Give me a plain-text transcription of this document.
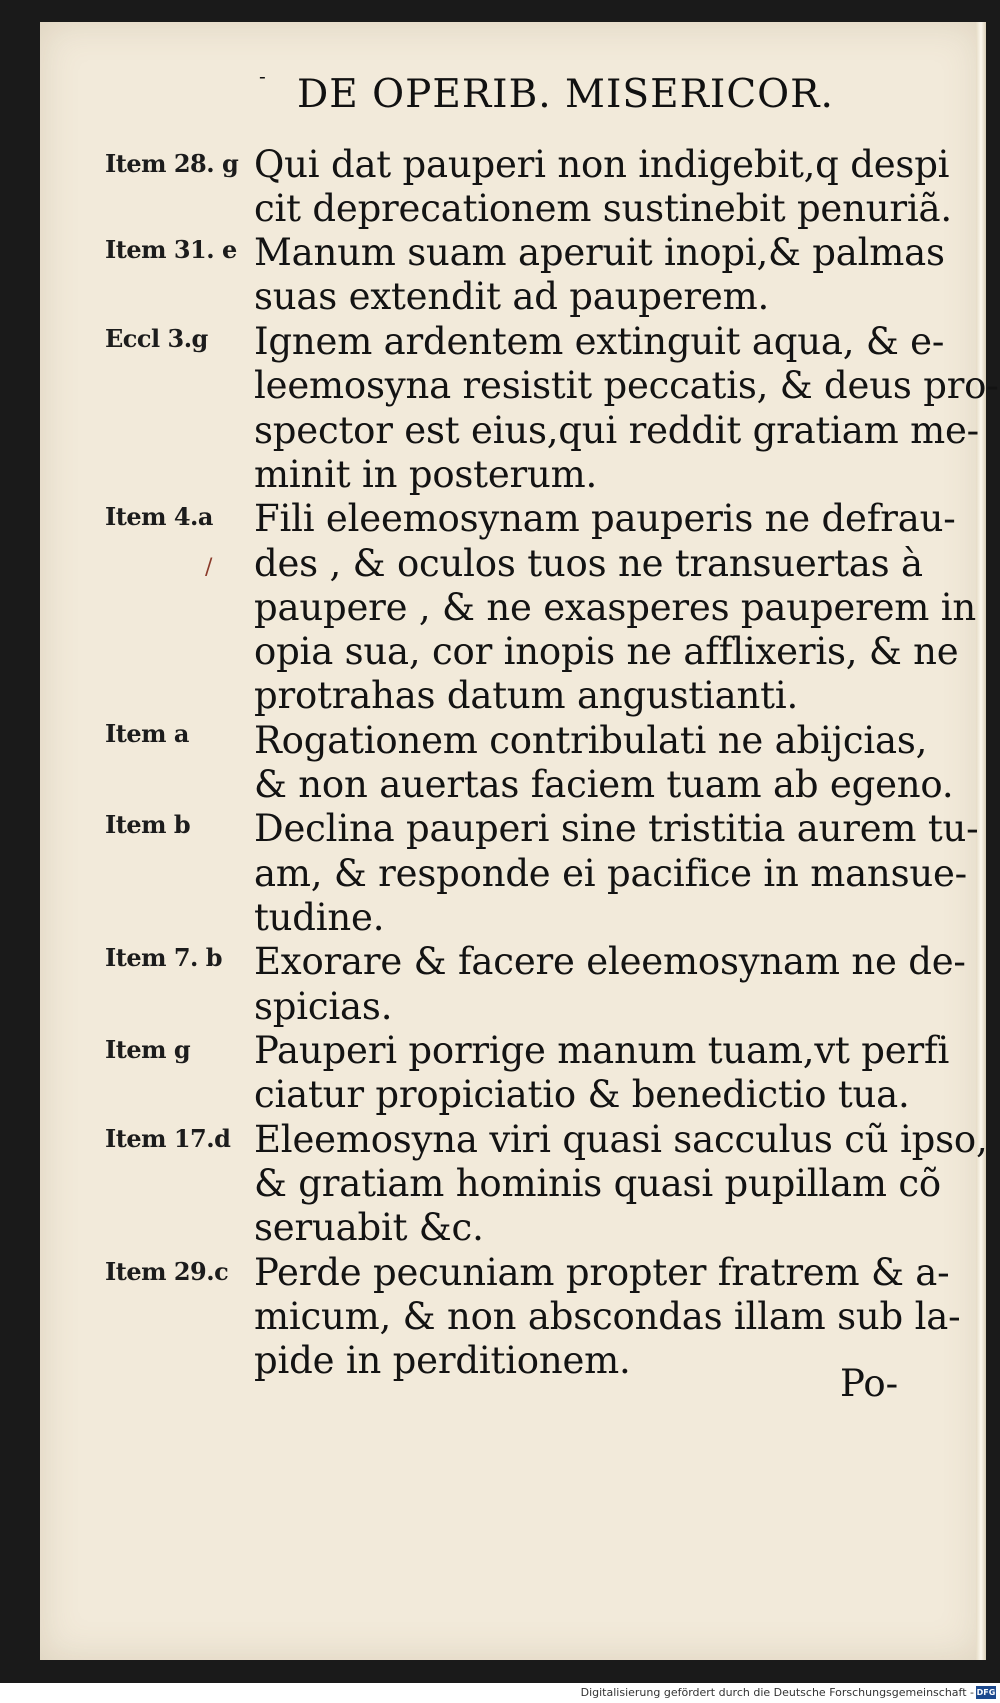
- DE OPERIB. MISERICOR.
Item 28. g
Item 31. e
Eccl 3.g
Item 4.a
Item a
Item b
Item 7. b
Item g
Item 17.d
Item 29.c
/
Qui dat pauperi non indigebit,q despi
cit deprecationem sustinebit penuriã.
Manum suam aperuit inopi,& palmas
suas extendit ad pauperem.
Ignem ardentem extinguit aqua, & e-
leemosyna resistit peccatis, & deus pro-
spector est eius,qui reddit gratiam me-
minit in posterum.
Fili eleemosynam pauperis ne defrau-
des , & oculos tuos ne transuertas à
paupere , & ne exasperes pauperem in
opia sua, cor inopis ne afflixeris, & ne
protrahas datum angustianti.
Rogationem contribulati ne abijcias,
& non auertas faciem tuam ab egeno.
Declina pauperi sine tristitia aurem tu-
am, & responde ei pacifice in mansue-
tudine.
Exorare & facere eleemosynam ne de-
spicias.
Pauperi porrige manum tuam,vt perfi
ciatur propiciatio & benedictio tua.
Eleemosyna viri quasi sacculus cũ ipso,
& gratiam hominis quasi pupillam cõ
seruabit &c.
Perde pecuniam propter fratrem & a-
micum, & non abscondas illam sub la-
pide in perditionem.
Po-
Digitalisierung gefördert durch die Deutsche Forschungsgemeinschaft - DFG
